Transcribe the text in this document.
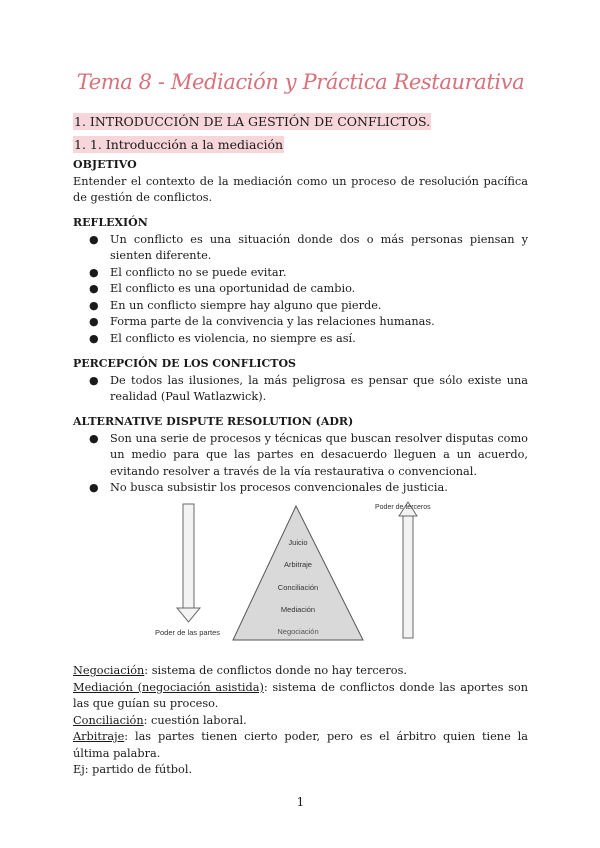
Tema 8 - Mediación y Práctica Restaurativa
1. INTRODUCCIÓN DE LA GESTIÓN DE CONFLICTOS.
1. 1. Introducción a la mediación
OBJETIVO
Entender el contexto de la mediación como un proceso de resolución pacífica de gestión de conflictos.
REFLEXIÓN
● Un conflicto es una situación donde dos o más personas piensan y sienten diferente.
● El conflicto no se puede evitar.
● El conflicto es una oportunidad de cambio.
● En un conflicto siempre hay alguno que pierde.
● Forma parte de la convivencia y las relaciones humanas.
● El conflicto es violencia, no siempre es así.
PERCEPCIÓN DE LOS CONFLICTOS
● De todos las ilusiones, la más peligrosa es pensar que sólo existe una realidad (Paul Watlazwick).
ALTERNATIVE DISPUTE RESOLUTION (ADR)
● Son una serie de procesos y técnicas que buscan resolver disputas como un medio para que las partes en desacuerdo lleguen a un acuerdo, evitando resolver a través de la vía restaurativa o convencional.
● No busca subsistir los procesos convencionales de justicia.
Poder de las partes
Juicio
Arbitraje
Conciliación
Mediación
Negociación
Poder de terceros
Negociación: sistema de conflictos donde no hay terceros.
Mediación (negociación asistida): sistema de conflictos donde las aportes son las que guían su proceso.
Conciliación: cuestión laboral.
Arbitraje: las partes tienen cierto poder, pero es el árbitro quien tiene la última palabra.
Ej: partido de fútbol.
1
